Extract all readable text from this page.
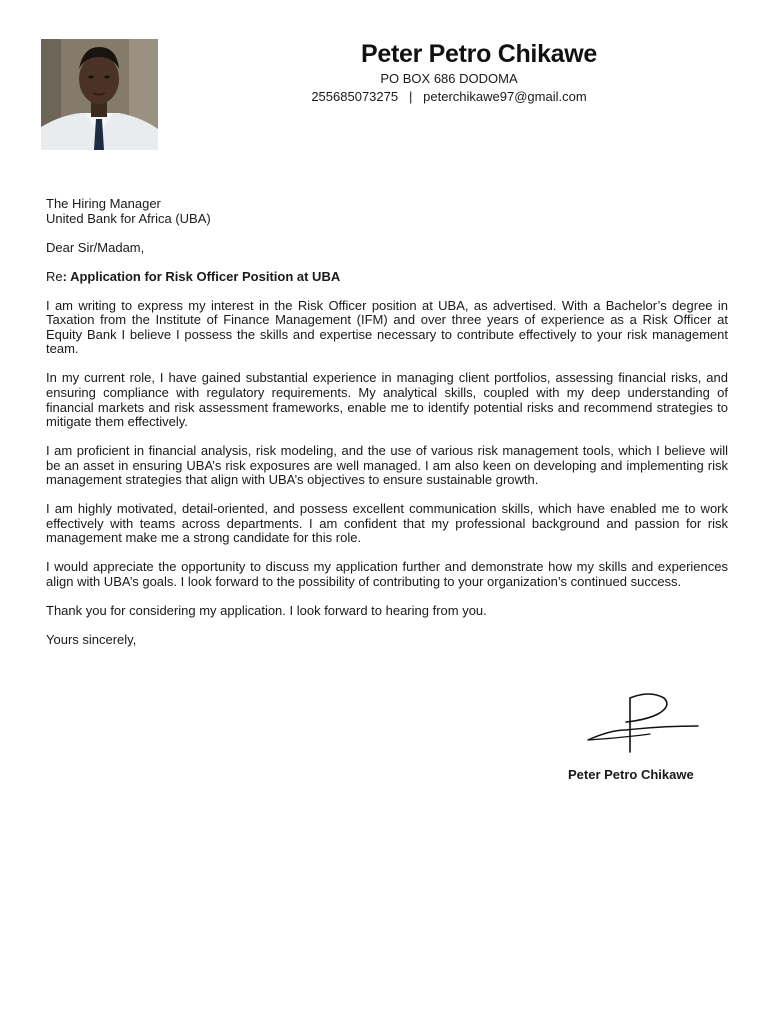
Peter Petro Chikawe
PO BOX 686 DODOMA
255685073275 | peterchikawe97@gmail.com

The Hiring Manager

United Bank for Africa (UBA)

Dear Sir/Madam,

Re: Application for Risk Officer Position at UBA

I am writing to express my interest in the Risk Officer position at UBA, as advertised. With a Bachelor’s degree in Taxation from the Institute of Finance Management (IFM) and over three years of experience as a Risk Officer at Equity Bank I believe I possess the skills and expertise necessary to contribute effectively to your risk management team.

In my current role, I have gained substantial experience in managing client portfolios, assessing financial risks, and ensuring compliance with regulatory requirements. My analytical skills, coupled with my deep understanding of financial markets and risk assessment frameworks, enable me to identify potential risks and recommend strategies to mitigate them effectively.

I am proficient in financial analysis, risk modeling, and the use of various risk management tools, which I believe will be an asset in ensuring UBA’s risk exposures are well managed. I am also keen on developing and implementing risk management strategies that align with UBA’s objectives to ensure sustainable growth.

I am highly motivated, detail-oriented, and possess excellent communication skills, which have enabled me to work effectively with teams across departments. I am confident that my professional background and passion for risk management make me a strong candidate for this role.

I would appreciate the opportunity to discuss my application further and demonstrate how my skills and experiences align with UBA’s goals. I look forward to the possibility of contributing to your organization’s continued success.

Thank you for considering my application. I look forward to hearing from you.

Yours sincerely,

Peter Petro Chikawe
